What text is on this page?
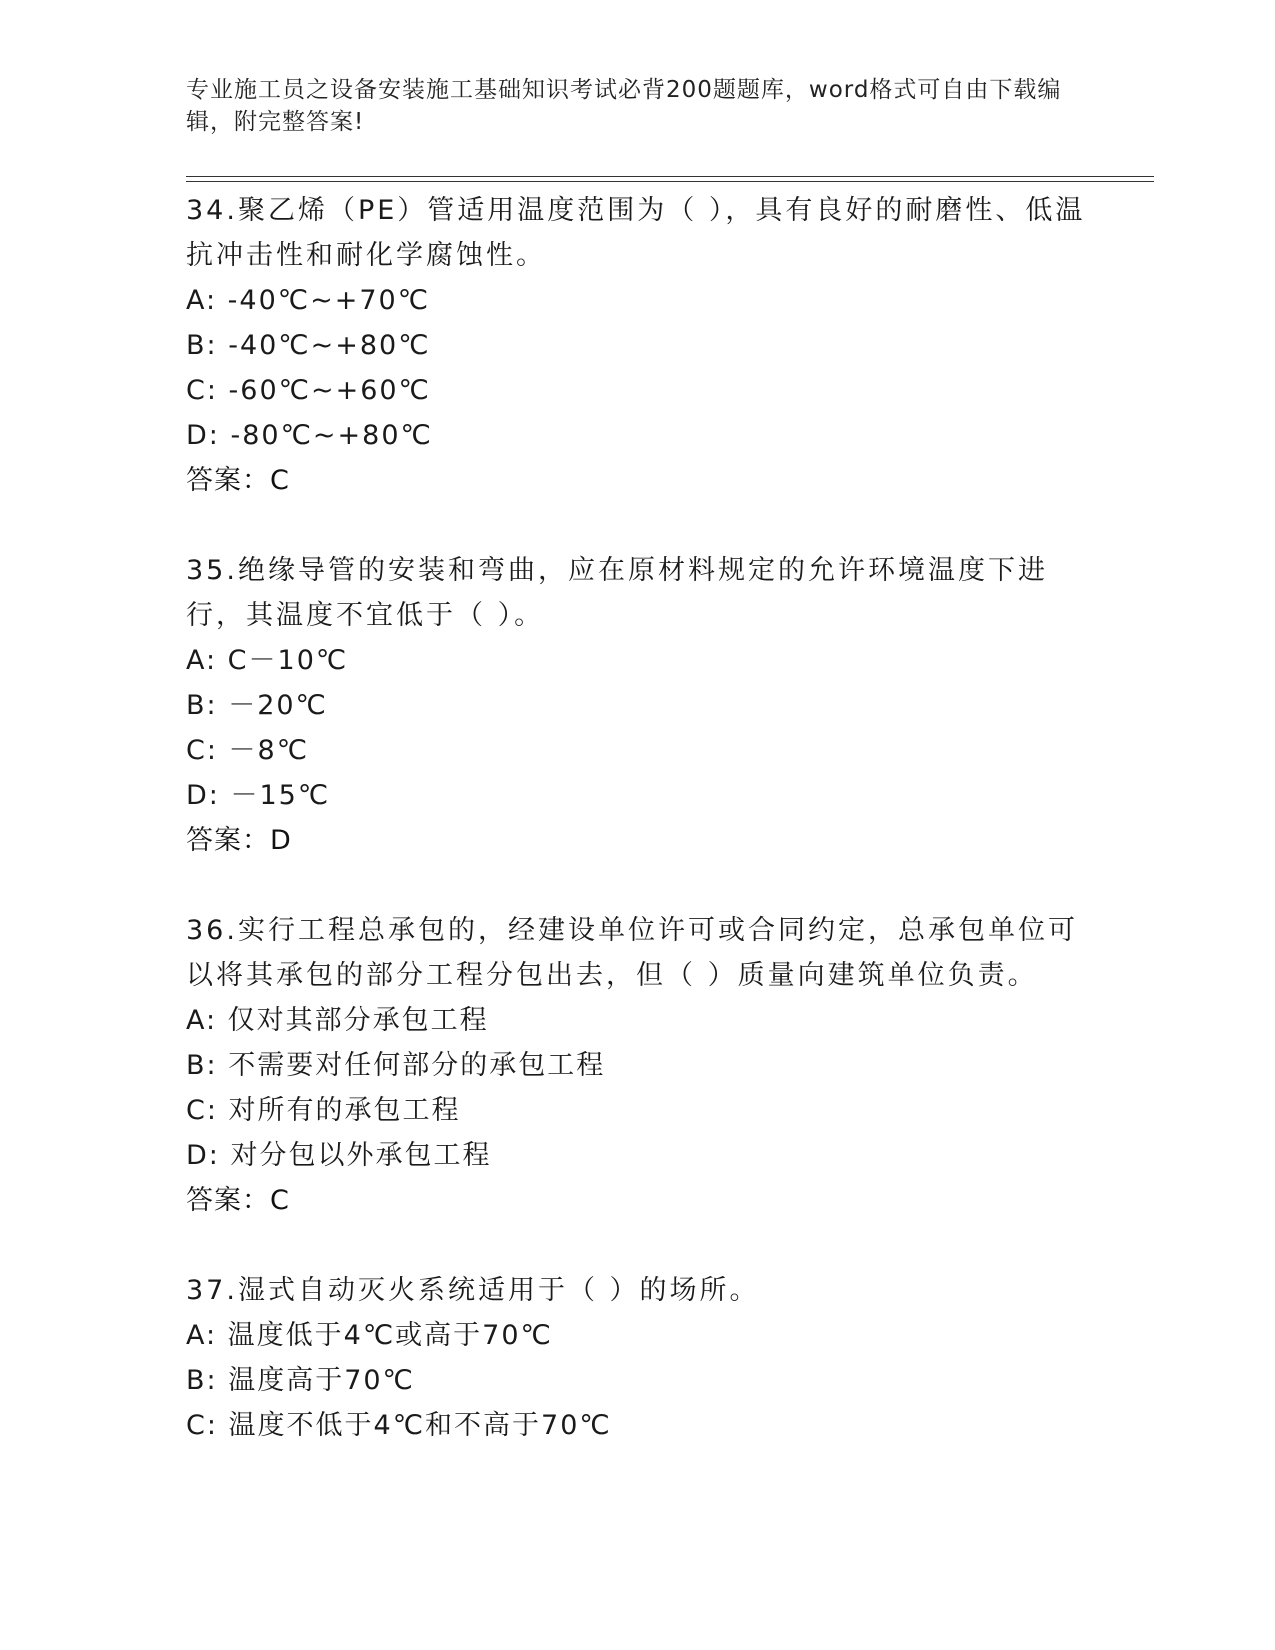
专业施工员之设备安装施工基础知识考试必背200题题库，word格式可自由下载编辑，附完整答案!
34.聚乙烯（PE）管适用温度范围为（ ），具有良好的耐磨性、低温抗冲击性和耐化学腐蚀性。
A: -40℃~+70℃
B: -40℃~+80℃
C: -60℃~+60℃
D: -80℃~+80℃
答案：C
35.绝缘导管的安装和弯曲，应在原材料规定的允许环境温度下进行，其温度不宜低于（ ）。
A: C－10℃
B: －20℃
C: －8℃
D: －15℃
答案：D
36.实行工程总承包的，经建设单位许可或合同约定，总承包单位可以将其承包的部分工程分包出去，但（ ）质量向建筑单位负责。
A: 仅对其部分承包工程
B: 不需要对任何部分的承包工程
C: 对所有的承包工程
D: 对分包以外承包工程
答案：C
37.湿式自动灭火系统适用于（ ）的场所。
A: 温度低于4℃或高于70℃
B: 温度高于70℃
C: 温度不低于4℃和不高于70℃
